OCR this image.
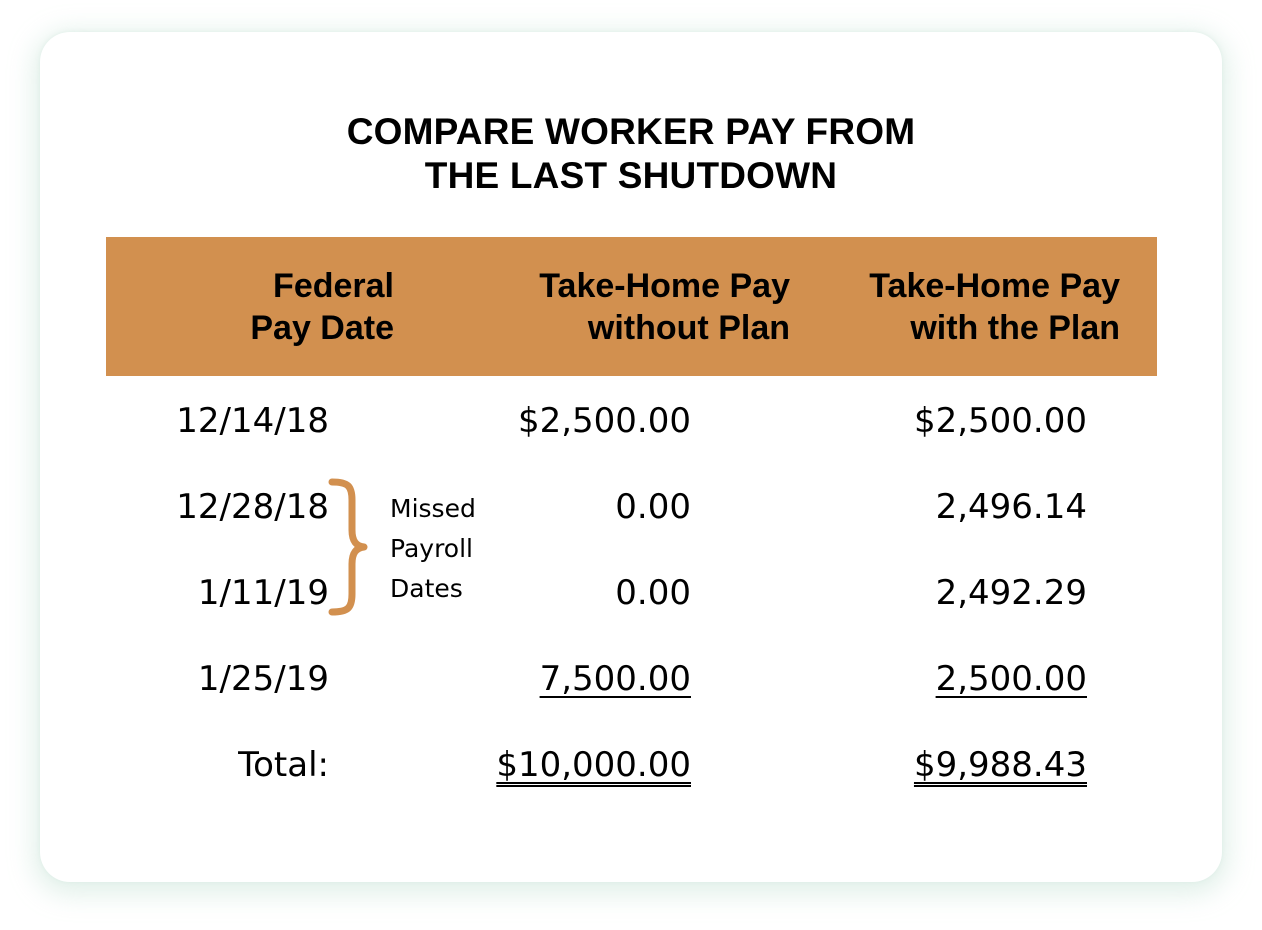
COMPARE WORKER PAY FROM
THE LAST SHUTDOWN
Federal
Pay Date
Take-Home Pay
without Plan
Take-Home Pay
with the Plan
12/14/18	$2,500.00	$2,500.00
12/28/18	0.00	2,496.14
1/11/19	0.00	2,492.29
1/25/19	7,500.00	2,500.00
Total:	$10,000.00	$9,988.43
Missed
Payroll
Dates
